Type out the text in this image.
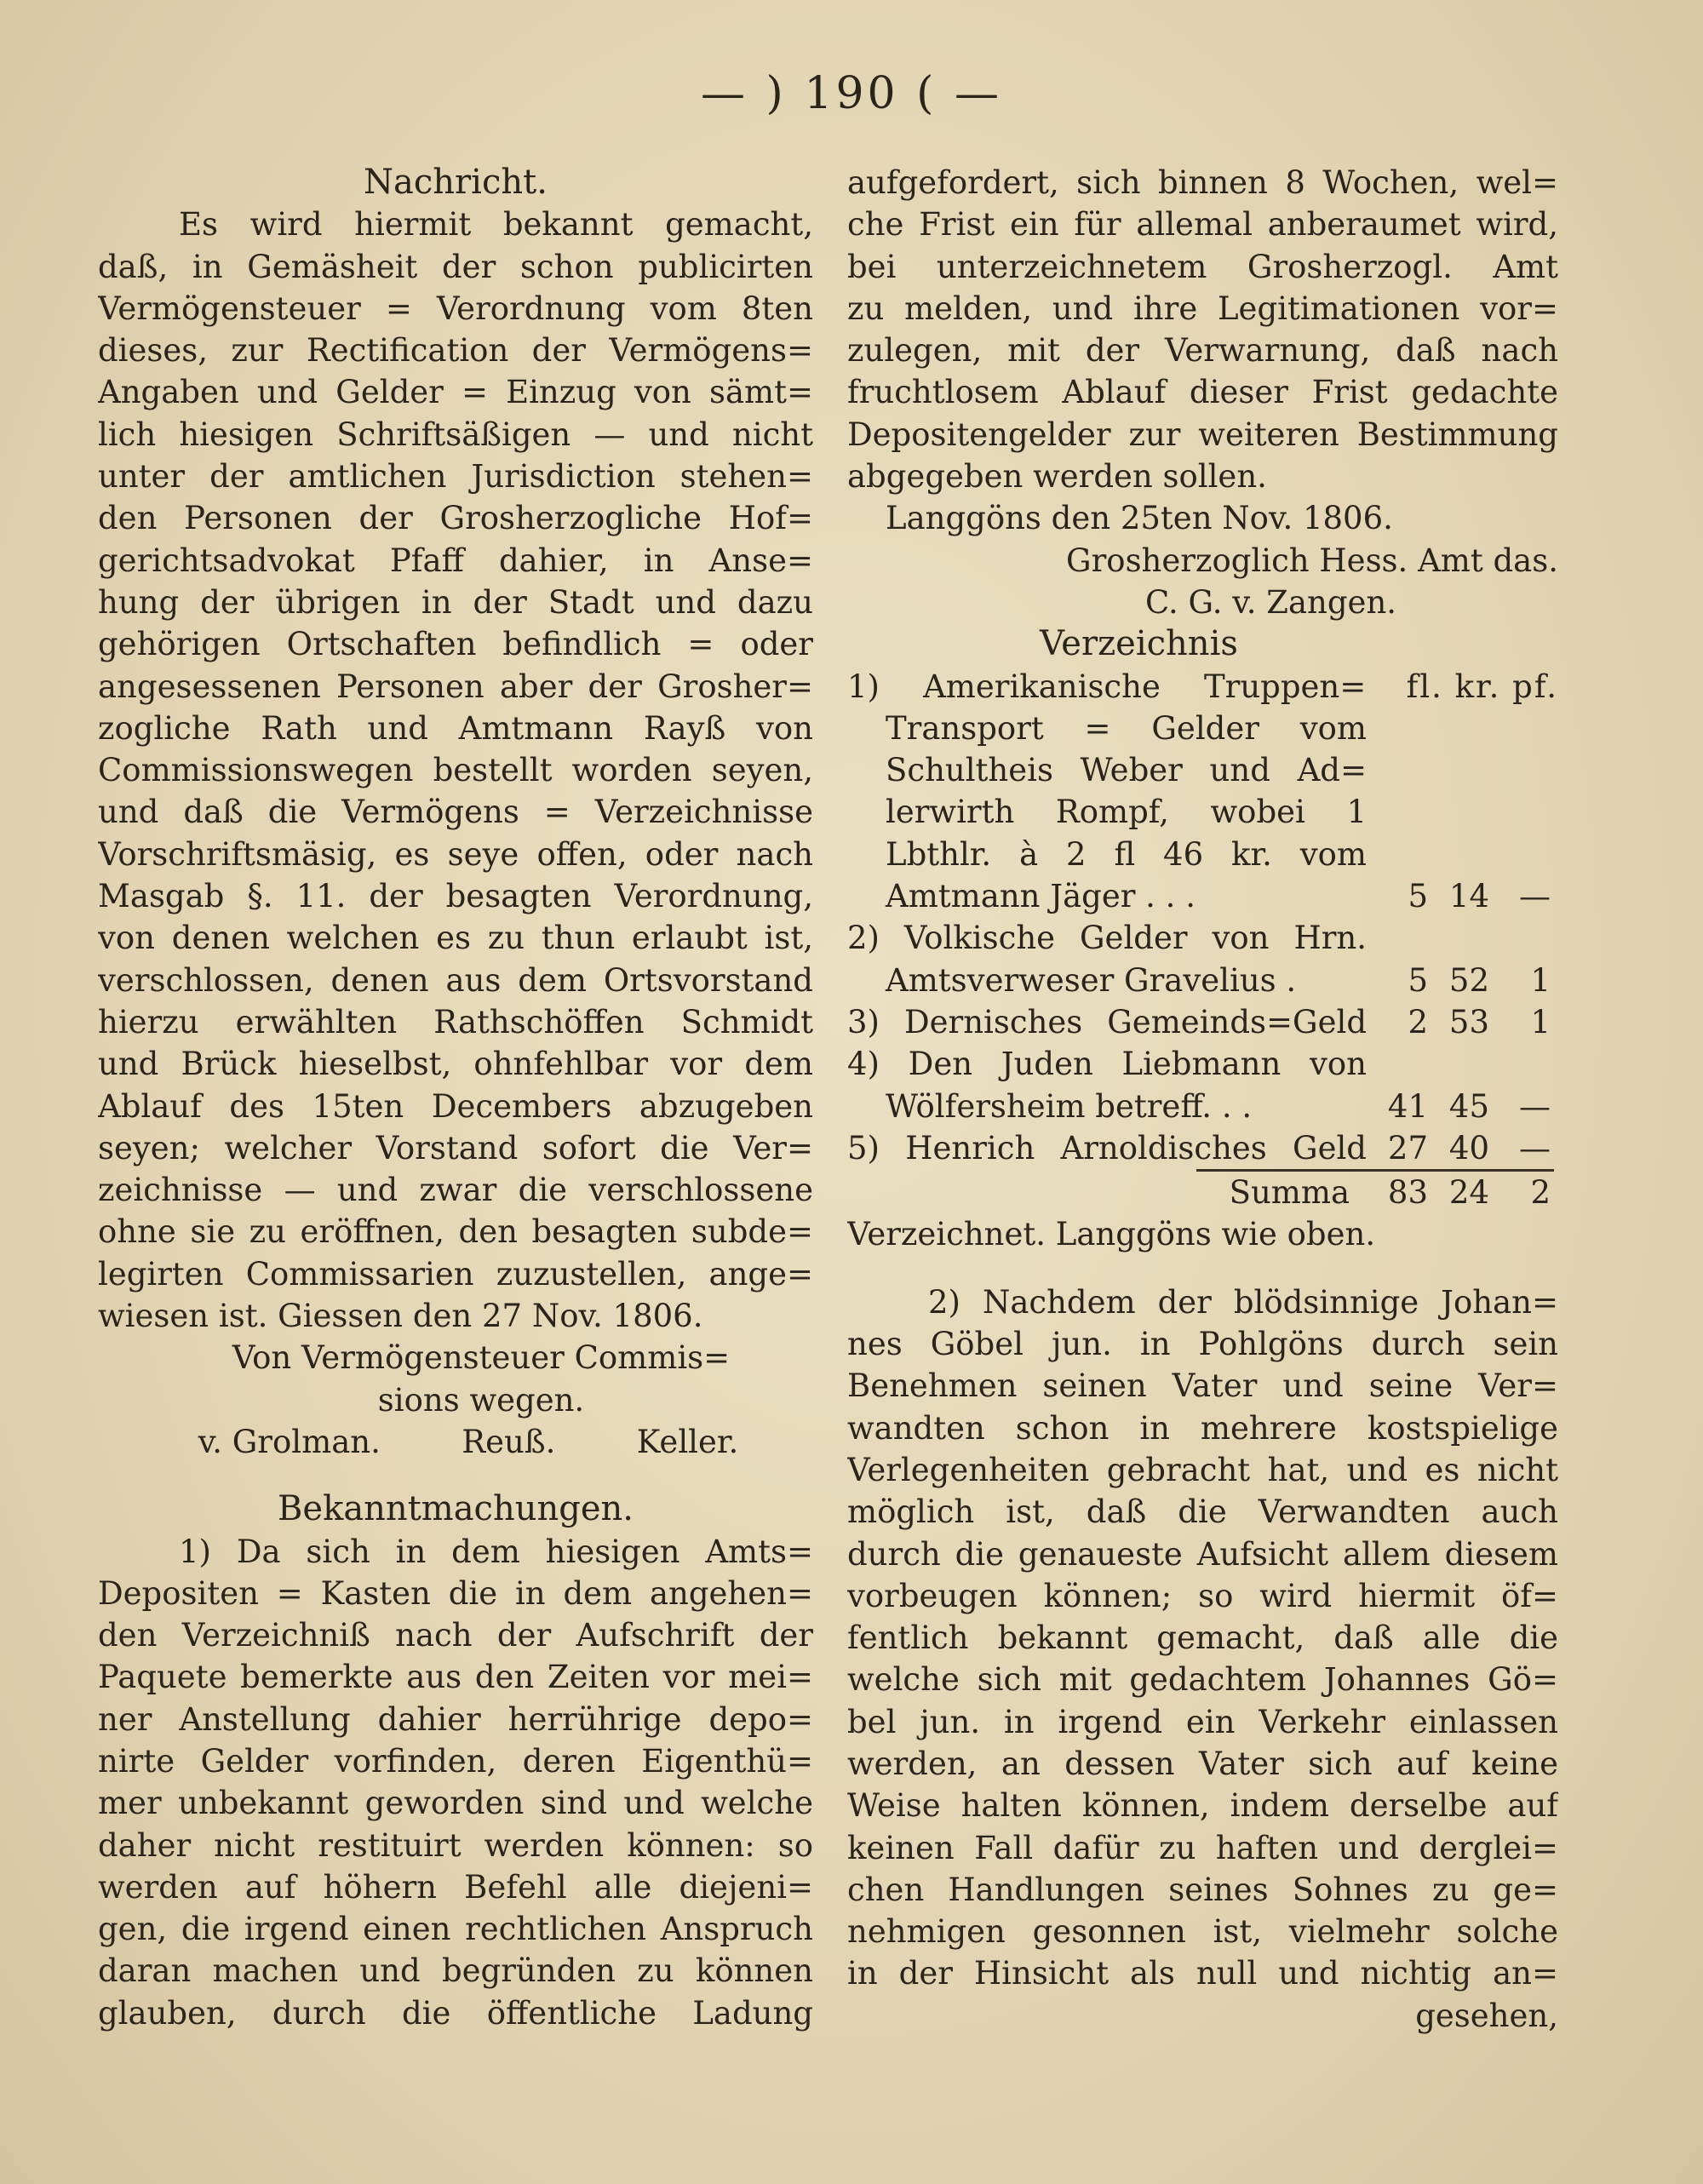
— ) 190 ( —
Nachricht.
Es wird hiermit bekannt gemacht,
daß, in Gemäsheit der schon publicirten
Vermögensteuer = Verordnung vom 8ten
dieses, zur Rectification der Vermögens=
Angaben und Gelder = Einzug von sämt=
lich hiesigen Schriftsäßigen — und nicht
unter der amtlichen Jurisdiction stehen=
den Personen der Grosherzogliche Hof=
gerichtsadvokat Pfaff dahier, in Anse=
hung der übrigen in der Stadt und dazu
gehörigen Ortschaften befindlich = oder
angesessenen Personen aber der Grosher=
zogliche Rath und Amtmann Rayß von
Commissionswegen bestellt worden seyen,
und daß die Vermögens = Verzeichnisse
Vorschriftsmäsig, es seye offen, oder nach
Masgab §. 11. der besagten Verordnung,
von denen welchen es zu thun erlaubt ist,
verschlossen, denen aus dem Ortsvorstand
hierzu erwählten Rathschöffen Schmidt
und Brück hieselbst, ohnfehlbar vor dem
Ablauf des 15ten Decembers abzugeben
seyen; welcher Vorstand sofort die Ver=
zeichnisse — und zwar die verschlossene
ohne sie zu eröffnen, den besagten subde=
legirten Commissarien zuzustellen, ange=
wiesen ist. Giessen den 27 Nov. 1806.
Von Vermögensteuer Commis=
sions wegen.
v. Grolman.	Reuß.	Keller.
Bekanntmachungen.
1) Da sich in dem hiesigen Amts=
Depositen = Kasten die in dem angehen=
den Verzeichniß nach der Aufschrift der
Paquete bemerkte aus den Zeiten vor mei=
ner Anstellung dahier herrührige depo=
nirte Gelder vorfinden, deren Eigenthü=
mer unbekannt geworden sind und welche
daher nicht restituirt werden können: so
werden auf höhern Befehl alle diejeni=
gen, die irgend einen rechtlichen Anspruch
daran machen und begründen zu können
glauben, durch die öffentliche Ladung
aufgefordert, sich binnen 8 Wochen, wel=
che Frist ein für allemal anberaumet wird,
bei unterzeichnetem Grosherzogl. Amt
zu melden, und ihre Legitimationen vor=
zulegen, mit der Verwarnung, daß nach
fruchtlosem Ablauf dieser Frist gedachte
Depositengelder zur weiteren Bestimmung
abgegeben werden sollen.
Langgöns den 25ten Nov. 1806.
Grosherzoglich Hess. Amt das.
C. G. v. Zangen.
Verzeichnis
1) Amerikanische Truppen=	fl. kr. pf.
Transport = Gelder vom
Schultheis Weber und Ad=
lerwirth Rompf, wobei 1
Lbthlr. à 2 fl 46 kr. vom
Amtmann Jäger . . .	5 14 —
2) Volkische Gelder von Hrn.
Amtsverweser Gravelius .	5 52	1
3) Dernisches Gemeinds=Geld	2 53	1
4) Den Juden Liebmann von
Wölfersheim betreff. . .	41 45 —
5) Henrich Arnoldisches Geld 27 40 —
Summa	83 24	2
Verzeichnet. Langgöns wie oben.
2) Nachdem der blödsinnige Johan=
nes Göbel jun. in Pohlgöns durch sein
Benehmen seinen Vater und seine Ver=
wandten schon in mehrere kostspielige
Verlegenheiten gebracht hat, und es nicht
möglich ist, daß die Verwandten auch
durch die genaueste Aufsicht allem diesem
vorbeugen können; so wird hiermit öf=
fentlich bekannt gemacht, daß alle die
welche sich mit gedachtem Johannes Gö=
bel jun. in irgend ein Verkehr einlassen
werden, an dessen Vater sich auf keine
Weise halten können, indem derselbe auf
keinen Fall dafür zu haften und derglei=
chen Handlungen seines Sohnes zu ge=
nehmigen gesonnen ist, vielmehr solche
in der Hinsicht als null und nichtig an=
gesehen,
